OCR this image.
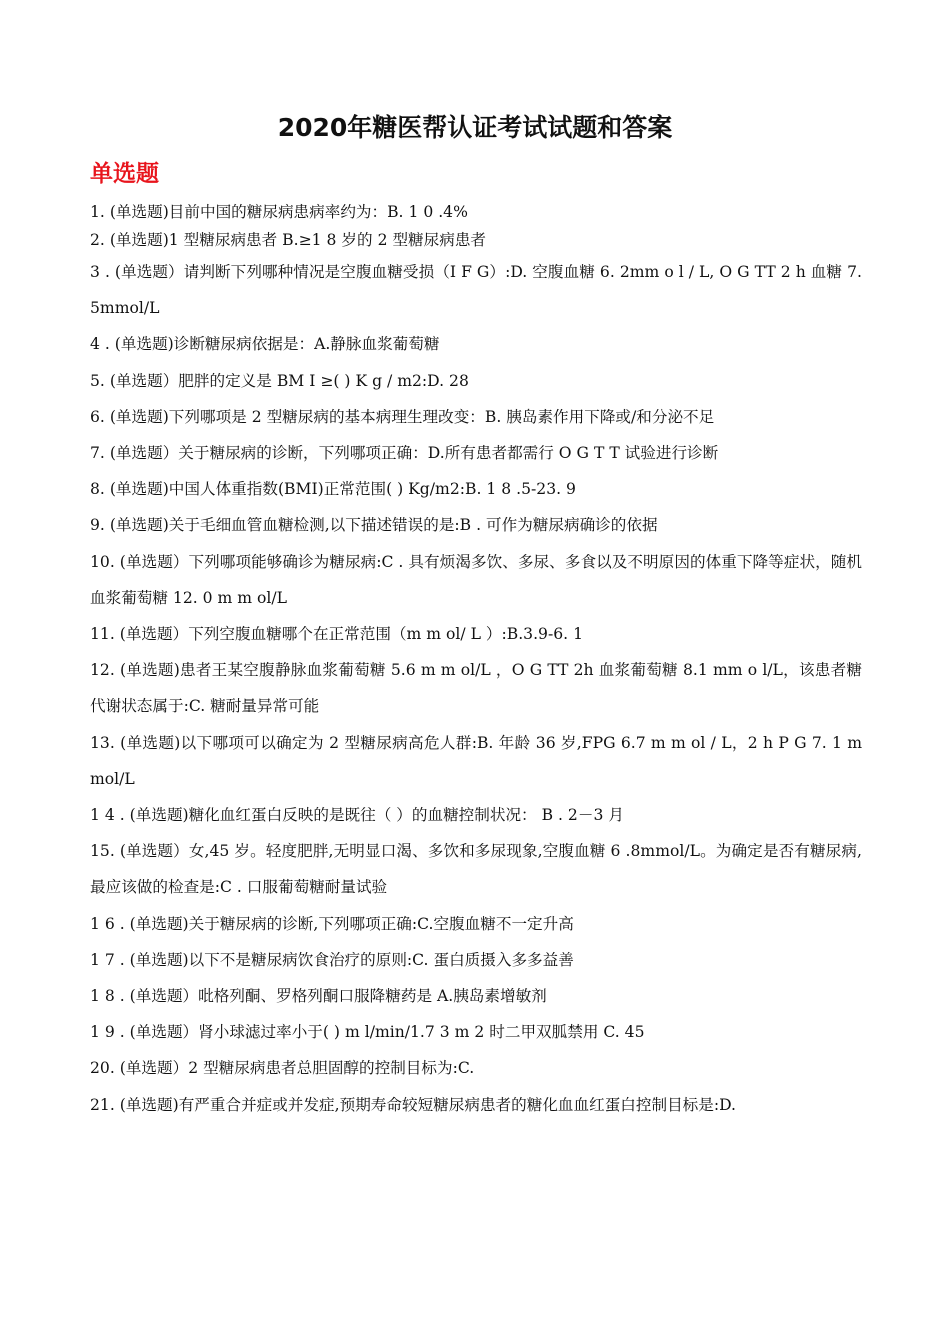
2020年糖医帮认证考试试题和答案
单选题
1. (单选题)目前中国的糖尿病患病率约为：B. 1 0 .4%
2. (单选题)1 型糖尿病患者 B.≥1 8 岁的 2 型糖尿病患者
3 . (单选题）请判断下列哪种情况是空腹血糖受损（I F G）:D. 空腹血糖 6. 2mm o l / L, O G TT 2 h 血糖 7. 5mmol/L
4 . (单选题)诊断糖尿病依据是：A.静脉血浆葡萄糖
5. (单选题）肥胖的定义是 BM I ≥( ) K g / m2:D. 28
6. (单选题)下列哪项是 2 型糖尿病的基本病理生理改变：B. 胰岛素作用下降或/和分泌不足
7. (单选题）关于糖尿病的诊断，下列哪项正确：D.所有患者都需行 O G T T 试验进行诊断
8. (单选题)中国人体重指数(BMI)正常范围( ) Kg/m2:B. 1 8 .5-23. 9
9. (单选题)关于毛细血管血糖检测,以下描述错误的是:B . 可作为糖尿病确诊的依据
10. (单选题）下列哪项能够确诊为糖尿病:C . 具有烦渴多饮、多尿、多食以及不明原因的体重下降等症状，随机血浆葡萄糖 12. 0 m m ol/L
11. (单选题）下列空腹血糖哪个在正常范围（m m ol/ L ）:B.3.9-6. 1
12. (单选题)患者王某空腹静脉血浆葡萄糖 5.6 m m ol/L ，O G TT 2h 血浆葡萄糖 8.1 mm o l/L，该患者糖代谢状态属于:C. 糖耐量异常可能
13. (单选题)以下哪项可以确定为 2 型糖尿病高危人群:B. 年龄 36 岁,FPG 6.7 m m ol / L，2 h P G 7. 1 mmol/L
1 4 . (单选题)糖化血红蛋白反映的是既往（ ）的血糖控制状况： B . 2－3 月
15. (单选题）女,45 岁。轻度肥胖,无明显口渴、多饮和多尿现象,空腹血糖 6 .8mmol/L。为确定是否有糖尿病,最应该做的检查是:C . 口服葡萄糖耐量试验
1 6 . (单选题)关于糖尿病的诊断,下列哪项正确:C.空腹血糖不一定升高
1 7 . (单选题)以下不是糖尿病饮食治疗的原则:C. 蛋白质摄入多多益善
1 8 . (单选题）吡格列酮、罗格列酮口服降糖药是 A.胰岛素增敏剂
1 9 . (单选题）肾小球滤过率小于( ) m l/min/1.7 3 m 2 时二甲双胍禁用 C. 45
20. (单选题）2 型糖尿病患者总胆固醇的控制目标为:C.
21. (单选题)有严重合并症或并发症,预期寿命较短糖尿病患者的糖化血血红蛋白控制目标是:D.
